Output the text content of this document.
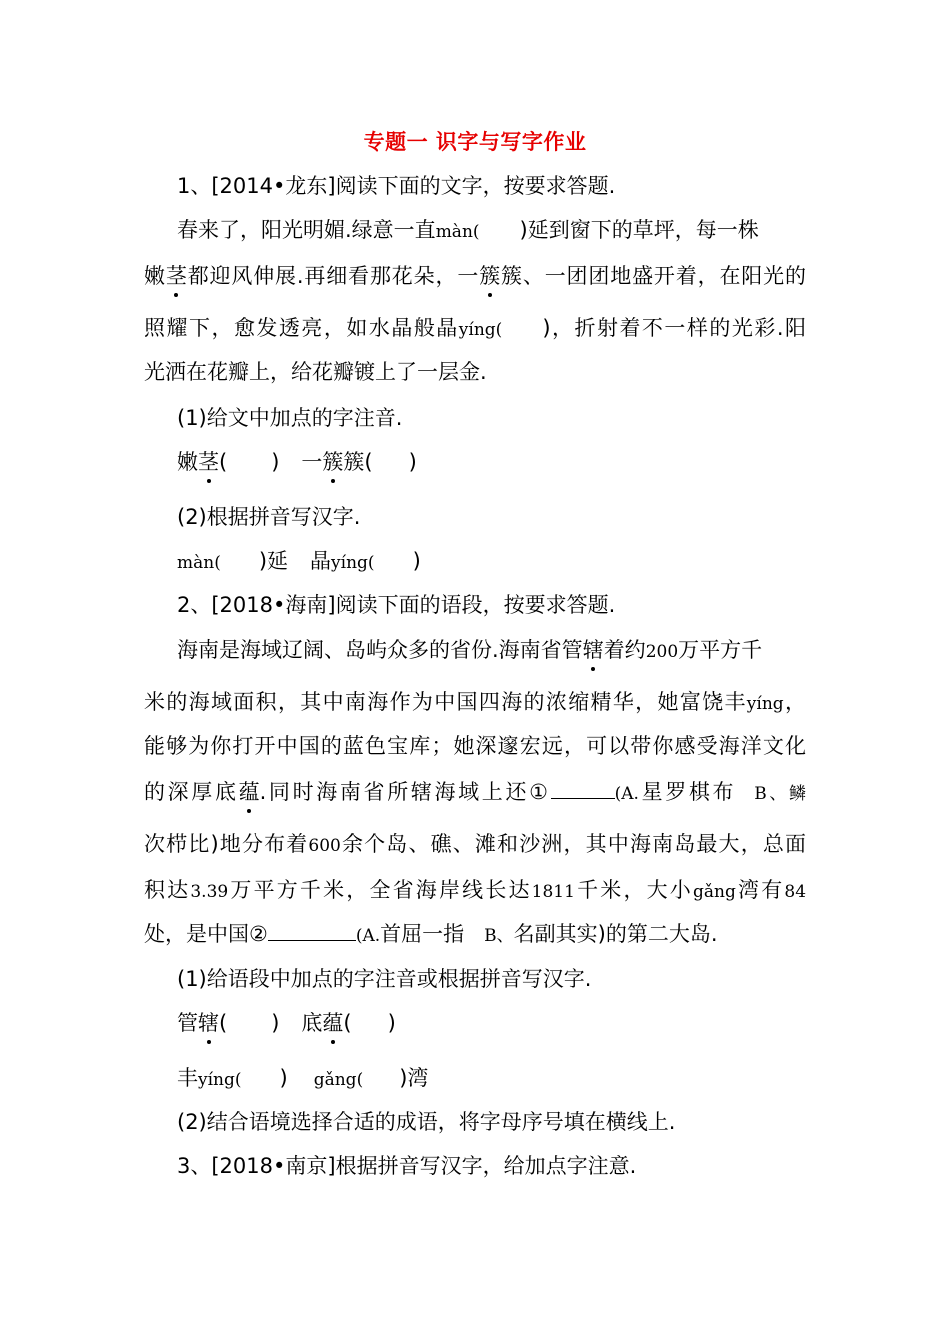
专题一 识字与写字作业
1、[2014•龙东]阅读下面的文字，按要求答题.
春来了，阳光明媚.绿意一直màn( )延到窗下的草坪，每一株
嫩茎都迎风伸展.再细看那花朵，一簇簇、一团团地盛开着，在阳光的
照耀下，愈发透亮，如水晶般晶yíng( )，折射着不一样的光彩.阳
光洒在花瓣上，给花瓣镀上了一层金.
(1)给文中加点的字注音.
嫩茎( ) 一簇簇( )
(2)根据拼音写汉字.
màn( )延 晶yíng( )
2、[2018•海南]阅读下面的语段，按要求答题.
海南是海域辽阔、岛屿众多的省份.海南省管辖着约200万平方千
米的海域面积，其中南海作为中国四海的浓缩精华，她富饶丰yíng，
能够为你打开中国的蓝色宝库；她深邃宏远，可以带你感受海洋文化
的深厚底蕴.同时海南省所辖海域上还①	(A.星罗棋布 B、鳞
次栉比)地分布着600余个岛、礁、滩和沙洲，其中海南岛最大，总面
积达3.39万平方千米，全省海岸线长达1811千米，大小gǎng湾有84
处，是中国②	(A.首屈一指 B、名副其实)的第二大岛.
(1)给语段中加点的字注音或根据拼音写汉字.
管辖( ) 底蕴( )
丰yíng( ) gǎng( )湾
(2)结合语境选择合适的成语，将字母序号填在横线上.
3、[2018•南京]根据拼音写汉字，给加点字注意.
